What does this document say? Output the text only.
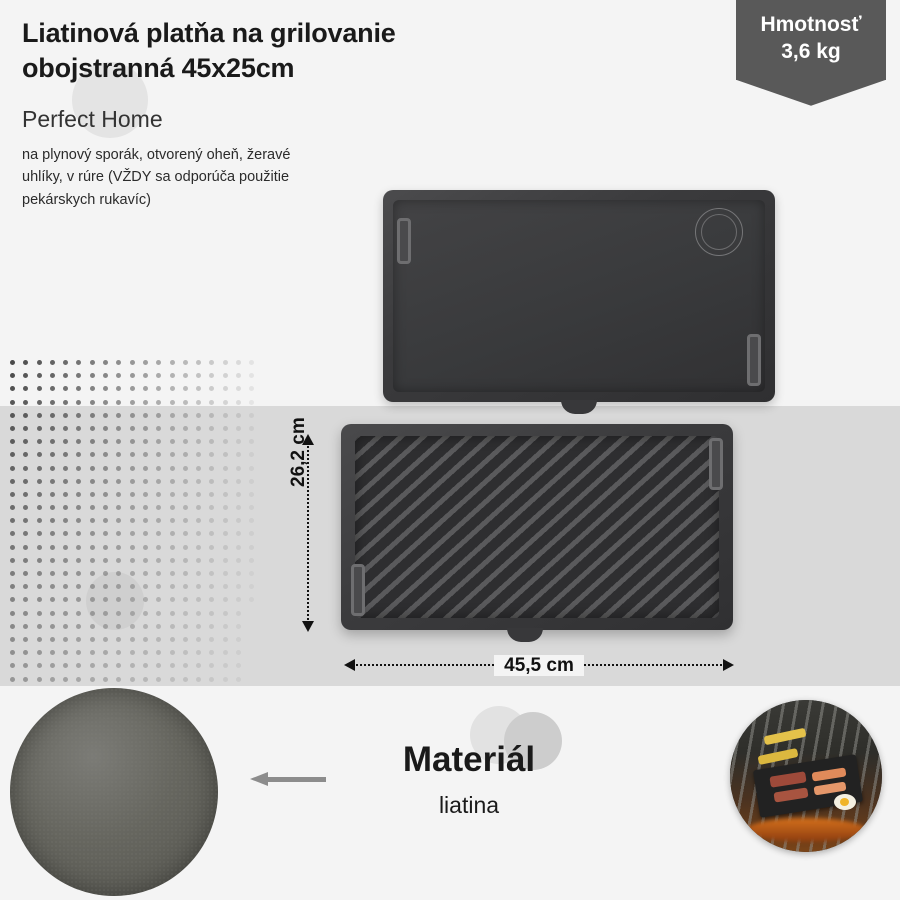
Liatinová platňa na grilovanie obojstranná 45x25cm
Perfect Home
na plynový sporák, otvorený oheň, žeravé uhlíky, v rúre (VŽDY sa odporúča použitie pekárskych rukavíc)
Hmotnosť
3,6 kg
26,2 cm
45,5 cm
Materiál
liatina
